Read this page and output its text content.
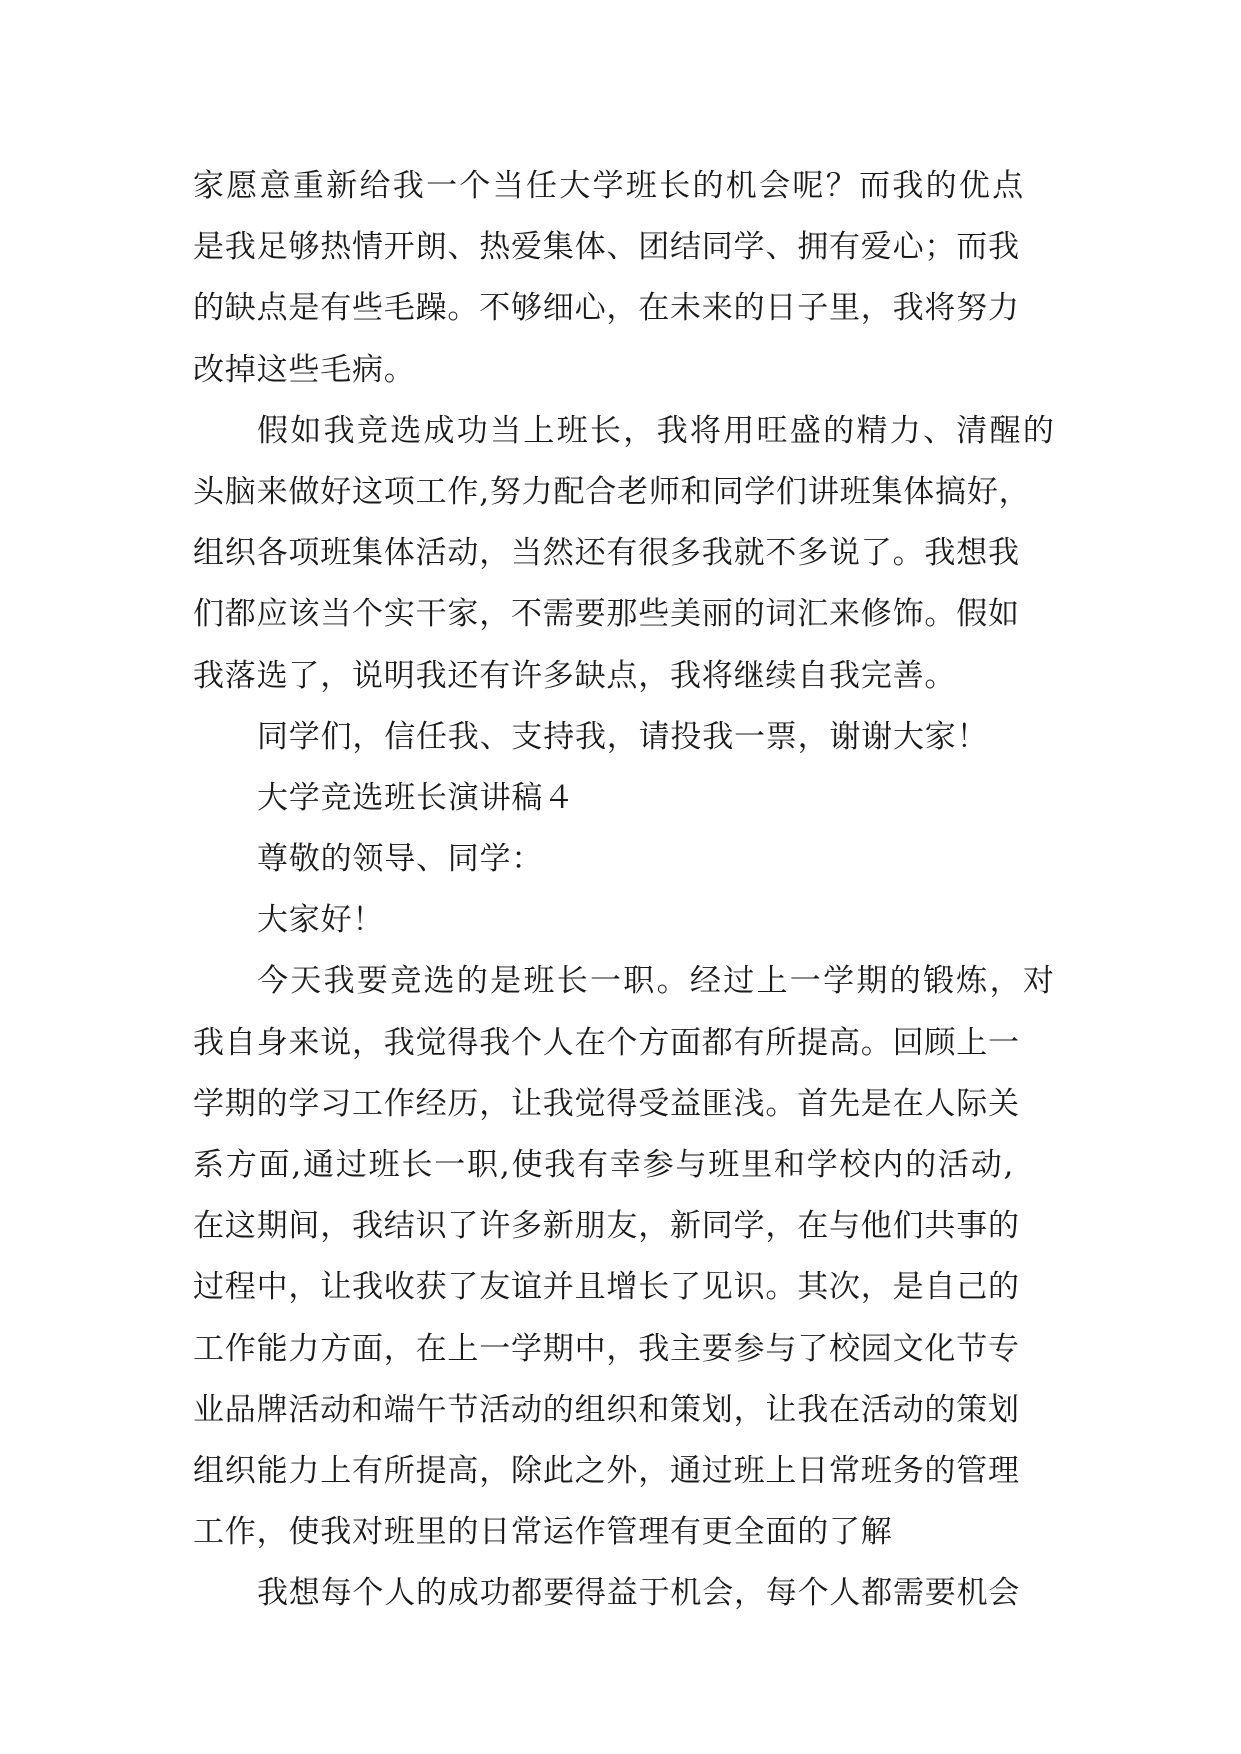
家愿意重新给我一个当任大学班长的机会呢？而我的优点
是我足够热情开朗、热爱集体、团结同学、拥有爱心；而我
的缺点是有些毛躁。不够细心，在未来的日子里，我将努力
改掉这些毛病。
假如我竞选成功当上班长，我将用旺盛的精力、清醒的
头脑来做好这项工作,努力配合老师和同学们讲班集体搞好，
组织各项班集体活动，当然还有很多我就不多说了。我想我
们都应该当个实干家，不需要那些美丽的词汇来修饰。假如
我落选了，说明我还有许多缺点，我将继续自我完善。
同学们，信任我、支持我，请投我一票，谢谢大家！
大学竞选班长演讲稿４
尊敬的领导、同学：
大家好！
今天我要竞选的是班长一职。经过上一学期的锻炼，对
我自身来说，我觉得我个人在个方面都有所提高。回顾上一
学期的学习工作经历，让我觉得受益匪浅。首先是在人际关
系方面,通过班长一职,使我有幸参与班里和学校内的活动,
在这期间，我结识了许多新朋友，新同学，在与他们共事的
过程中，让我收获了友谊并且增长了见识。其次，是自己的
工作能力方面，在上一学期中，我主要参与了校园文化节专
业品牌活动和端午节活动的组织和策划，让我在活动的策划
组织能力上有所提高，除此之外，通过班上日常班务的管理
工作，使我对班里的日常运作管理有更全面的了解
我想每个人的成功都要得益于机会，每个人都需要机会
